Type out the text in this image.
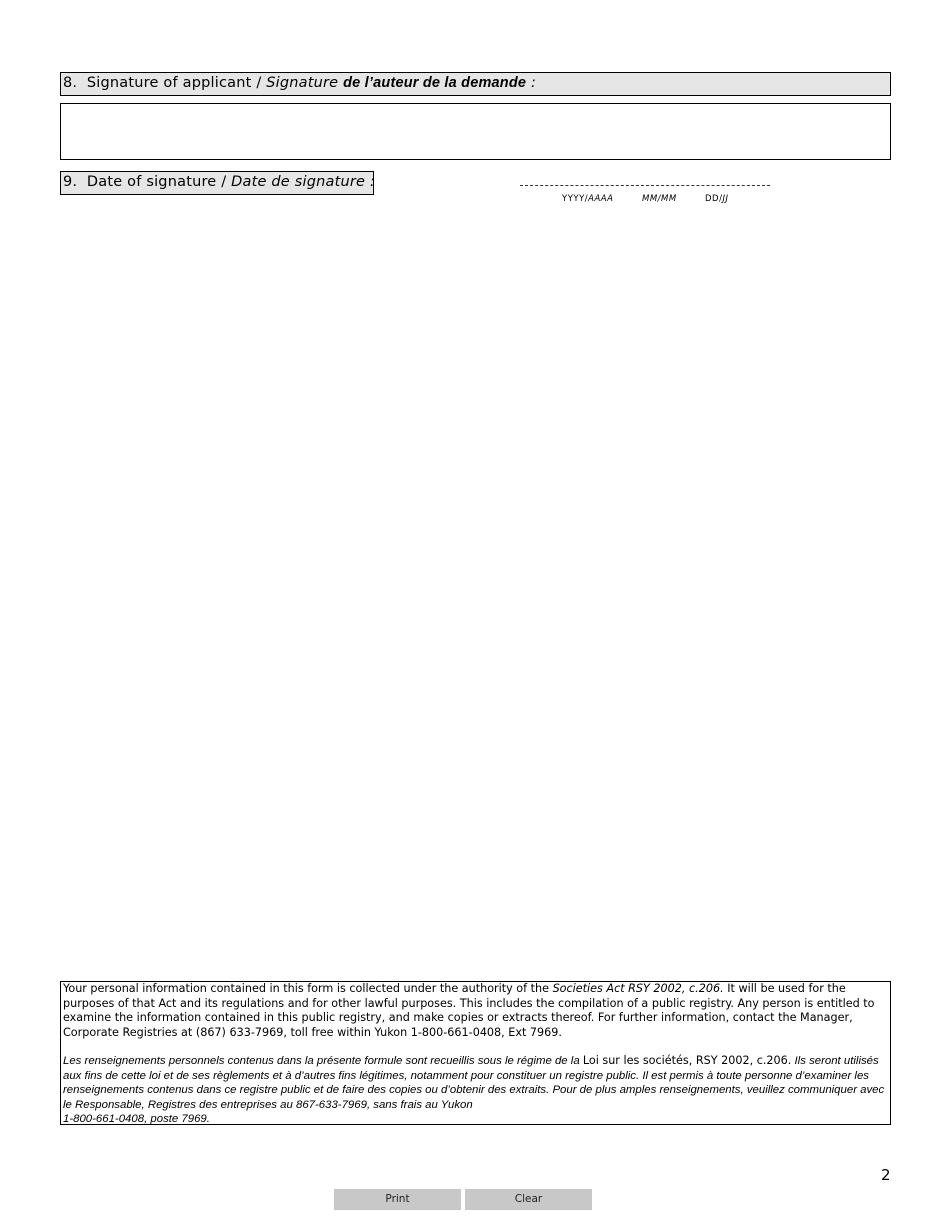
8. Signature of applicant / Signature de l’auteur de la demande :
9. Date of signature / Date de signature :
YYYY/AAAA	MM/MM	DD/JJ

Your personal information contained in this form is collected under the authority of the Societies Act RSY 2002, c.206. It will be used for the purposes of that Act and its regulations and for other lawful purposes. This includes the compilation of a public registry. Any person is entitled to examine the information contained in this public registry, and make copies or extracts thereof. For further information, contact the Manager, Corporate Registries at (867) 633-7969, toll free within Yukon 1-800-661-0408, Ext 7969.

Les renseignements personnels contenus dans la présente formule sont recueillis sous le régime de la Loi sur les sociétés, RSY 2002, c.206. Ils seront utilisés aux fins de cette loi et de ses règlements et à d’autres fins légitimes, notamment pour constituer un registre public. Il est permis à toute personne d’examiner les renseignements contenus dans ce registre public et de faire des copies ou d’obtenir des extraits. Pour de plus amples renseignements, veuillez communiquer avec le Responsable, Registres des entreprises au 867-633-7969, sans frais au Yukon
1-800-661-0408, poste 7969.

2
Print	Clear
